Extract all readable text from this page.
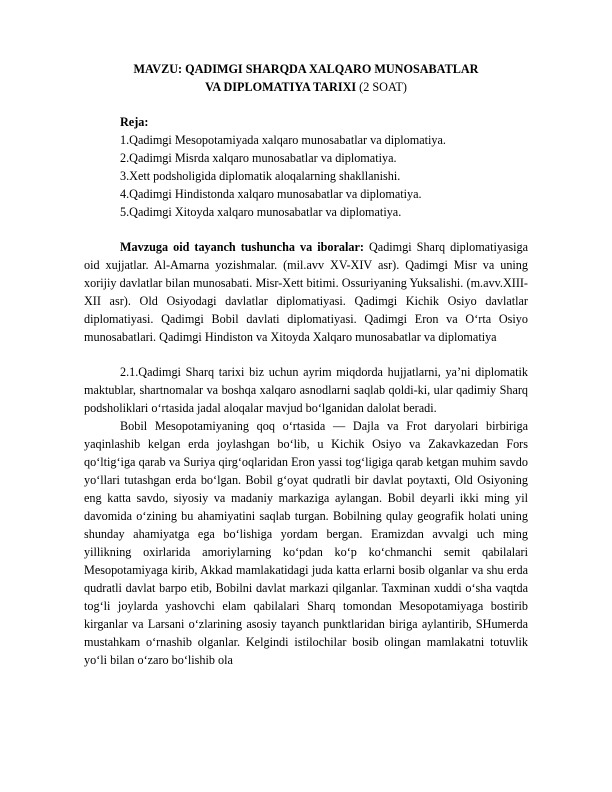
MAVZU: QADIMGI SHARQDA XALQARO MUNOSABATLAR
VA DIPLOMATIYA TARIXI (2 SOAT)

Reja:

1.Qadimgi Mesopotamiyada xalqaro munosabatlar va diplomatiya.

2.Qadimgi Misrda xalqaro munosabatlar va diplomatiya.

3.Xett podsholigida diplomatik aloqalarning shakllanishi.

4.Qadimgi Hindistonda xalqaro munosabatlar va diplomatiya.

5.Qadimgi Xitoyda xalqaro munosabatlar va diplomatiya.

Mavzuga oid tayanch tushuncha va iboralar: Qadimgi Sharq diplomatiyasiga oid xujjatlar. Al-Amarna yozishmalar. (mil.avv XV-XIV asr). Qadimgi Misr va uning xorijiy davlatlar bilan munosabati. Misr-Xett bitimi. Ossuriyaning Yuksalishi. (m.avv.XIII-XII asr). Old Osiyodagi davlatlar diplomatiyasi. Qadimgi Kichik Osiyo davlatlar diplomatiyasi. Qadimgi Bobil davlati diplomatiyasi. Qadimgi Eron va O‘rta Osiyo munosabatlari. Qadimgi Hindiston va Xitoyda Xalqaro munosabatlar va diplomatiya

2.1.Qadimgi Sharq tarixi biz uchun ayrim miqdorda hujjatlarni, ya’ni diplomatik maktublar, shartnomalar va boshqa xalqaro asnodlarni saqlab qoldi-ki, ular qadimiy Sharq podsholiklari o‘rtasida jadal aloqalar mavjud bo‘lganidan dalolat beradi.

Bobil Mesopotamiyaning qoq o‘rtasida — Dajla va Frot daryolari birbiriga yaqinlashib kelgan erda joylashgan bo‘lib, u Kichik Osiyo va Zakavkazedan Fors qo‘ltig‘iga qarab va Suriya qirg‘oqlaridan Eron yassi tog‘ligiga qarab ketgan muhim savdo yo‘llari tutashgan erda bo‘lgan. Bobil g‘oyat qudratli bir davlat poytaxti, Old Osiyoning eng katta savdo, siyosiy va madaniy markaziga aylangan. Bobil deyarli ikki ming yil davomida o‘zining bu ahamiyatini saqlab turgan. Bobilning qulay geografik holati uning shunday ahamiyatga ega bo‘lishiga yordam bergan. Eramizdan avvalgi uch ming yillikning oxirlarida amoriylarning ko‘pdan ko‘p ko‘chmanchi semit qabilalari Mesopotamiyaga kirib, Akkad mamlakatidagi juda katta erlarni bosib olganlar va shu erda qudratli davlat barpo etib, Bobilni davlat markazi qilganlar. Taxminan xuddi o‘sha vaqtda tog‘li joylarda yashovchi elam qabilalari Sharq tomondan Mesopotamiyaga bostirib kirganlar va Larsani o‘zlarining asosiy tayanch punktlaridan biriga aylantirib, SHumerda mustahkam o‘rnashib olganlar. Kelgindi istilochilar bosib olingan mamlakatni totuvlik yo‘li bilan o‘zaro bo‘lishib ola
